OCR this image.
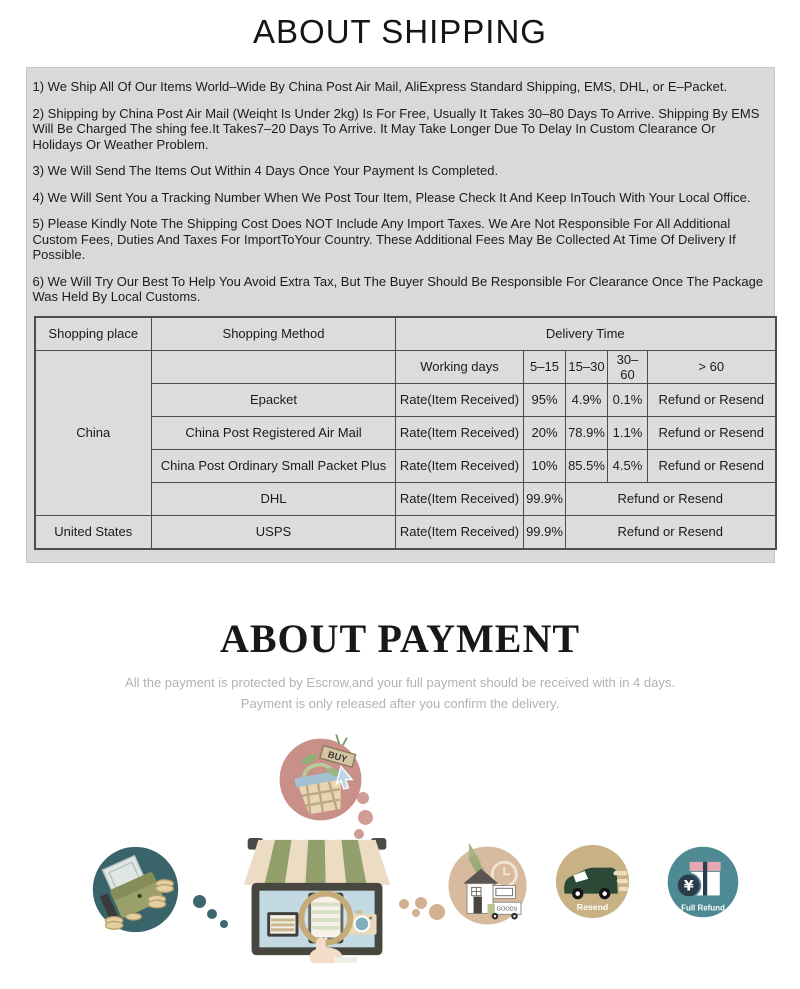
ABOUT SHIPPING

1) We Ship All Of Our Items World–Wide By China Post Air Mail, AliExpress Standard Shipping, EMS, DHL, or E–Packet.

2) Shipping by China Post Air Mail (Weiqht Is Under 2kg) Is For Free, Usually It Takes 30–80 Days To Arrive. Shipping By EMS Will Be Charged The shing fee.It Takes7–20 Days To Arrive. It May Take Longer Due To Delay In Custom Clearance Or Holidays Or Weather Problem.

3) We Will Send The Items Out Within 4 Days Once Your Payment Is Completed.

4) We Will Sent You a Tracking Number When We Post Tour Item, Please Check It And Keep InTouch With Your Local Office.

5) Please Kindly Note The Shipping Cost Does NOT Include Any Import Taxes. We Are Not Responsible For All Additional Custom Fees, Duties And Taxes For ImportToYour Country. These Additional Fees May Be Collected At Time Of Delivery If Possible.

6) We Will Try Our Best To Help You Avoid Extra Tax, But The Buyer Should Be Responsible For Clearance Once The Package Was Held By Local Customs.

Shopping place	Shopping Method	Delivery Time				
China		Working days	5–15	15–30	30–60	> 60
	Epacket	Rate(Item Received)	95%	4.9%	0.1%	Refund or Resend
	China Post Registered Air Mail	Rate(Item Received)	20%	78.9%	1.1%	Refund or Resend
	China Post Ordinary Small Packet Plus	Rate(Item Received)	10%	85.5%	4.5%	Refund or Resend
	DHL	Rate(Item Received)	99.9%	Refund or Resend		
United States	USPS	Rate(Item Received)	99.9%	Refund or Resend		
ABOUT PAYMENT

All the payment is protected by Escrow,and your full payment should be received with in 4 days.
Payment is only released after you confirm the delivery.

BUY
GOODS	Resend
¥
Full Refund
